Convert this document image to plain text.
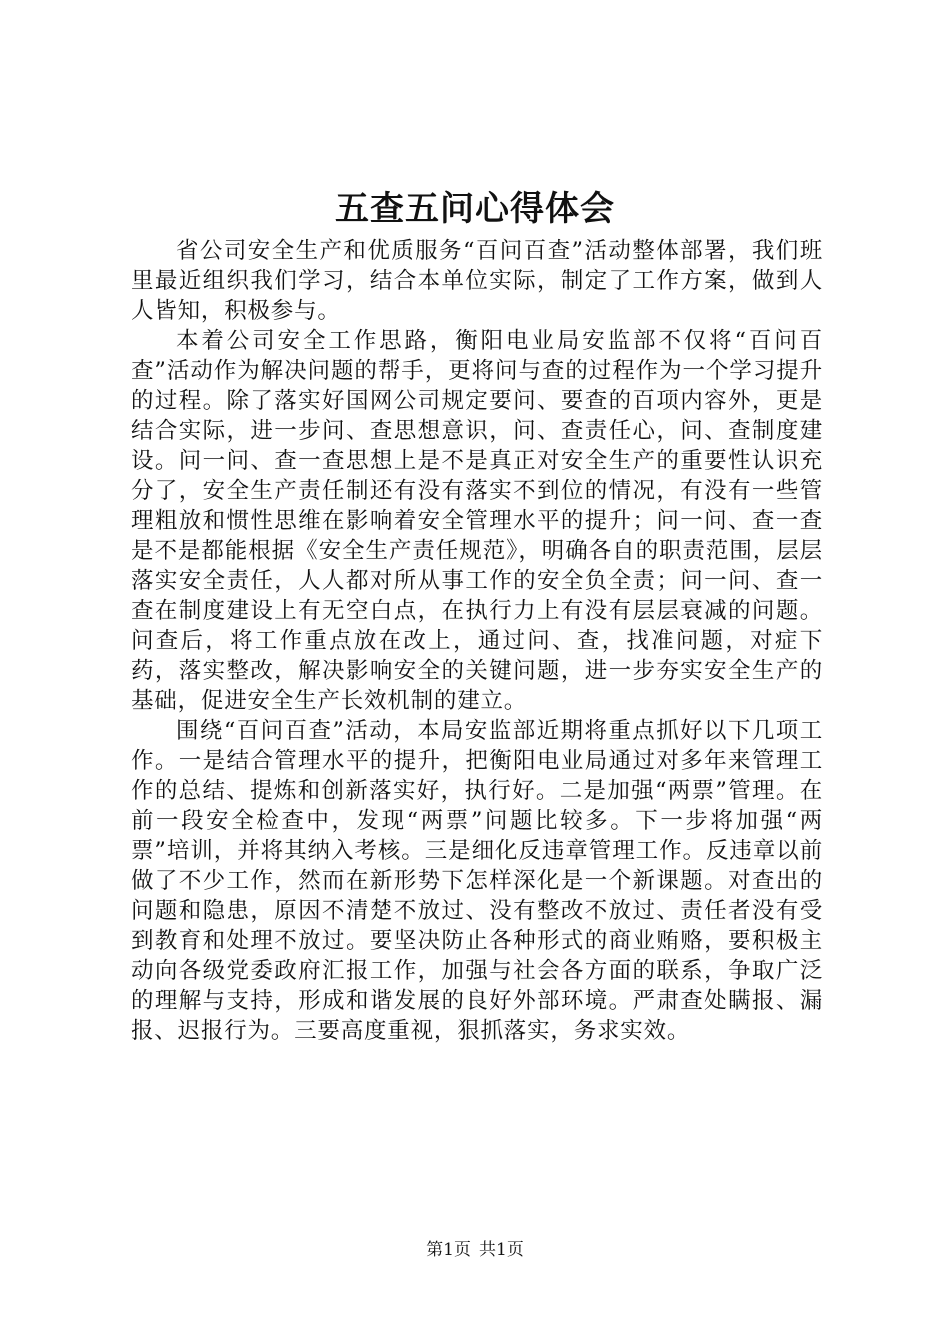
五查五问心得体会

省公司安全生产和优质服务“百问百查”活动整体部署，我们班里最近组织我们学习，结合本单位实际，制定了工作方案，做到人人皆知，积极参与。

本着公司安全工作思路，衡阳电业局安监部不仅将“百问百查”活动作为解决问题的帮手，更将问与查的过程作为一个学习提升的过程。除了落实好国网公司规定要问、要查的百项内容外，更是结合实际，进一步问、查思想意识，问、查责任心，问、查制度建设。问一问、查一查思想上是不是真正对安全生产的重要性认识充分了，安全生产责任制还有没有落实不到位的情况，有没有一些管理粗放和惯性思维在影响着安全管理水平的提升；问一问、查一查是不是都能根据《安全生产责任规范》，明确各自的职责范围，层层落实安全责任，人人都对所从事工作的安全负全责；问一问、查一查在制度建设上有无空白点，在执行力上有没有层层衰减的问题。问查后，将工作重点放在改上，通过问、查，找准问题，对症下药，落实整改，解决影响安全的关键问题，进一步夯实安全生产的基础，促进安全生产长效机制的建立。

围绕“百问百查”活动，本局安监部近期将重点抓好以下几项工作。一是结合管理水平的提升，把衡阳电业局通过对多年来管理工作的总结、提炼和创新落实好，执行好。二是加强“两票”管理。在前一段安全检查中，发现“两票”问题比较多。下一步将加强“两票”培训，并将其纳入考核。三是细化反违章管理工作。反违章以前做了不少工作，然而在新形势下怎样深化是一个新课题。对查出的问题和隐患，原因不清楚不放过、没有整改不放过、责任者没有受到教育和处理不放过。要坚决防止各种形式的商业贿赂，要积极主动向各级党委政府汇报工作，加强与社会各方面的联系，争取广泛的理解与支持，形成和谐发展的良好外部环境。严肃查处瞒报、漏报、迟报行为。三要高度重视，狠抓落实，务求实效。

第1页 共1页
